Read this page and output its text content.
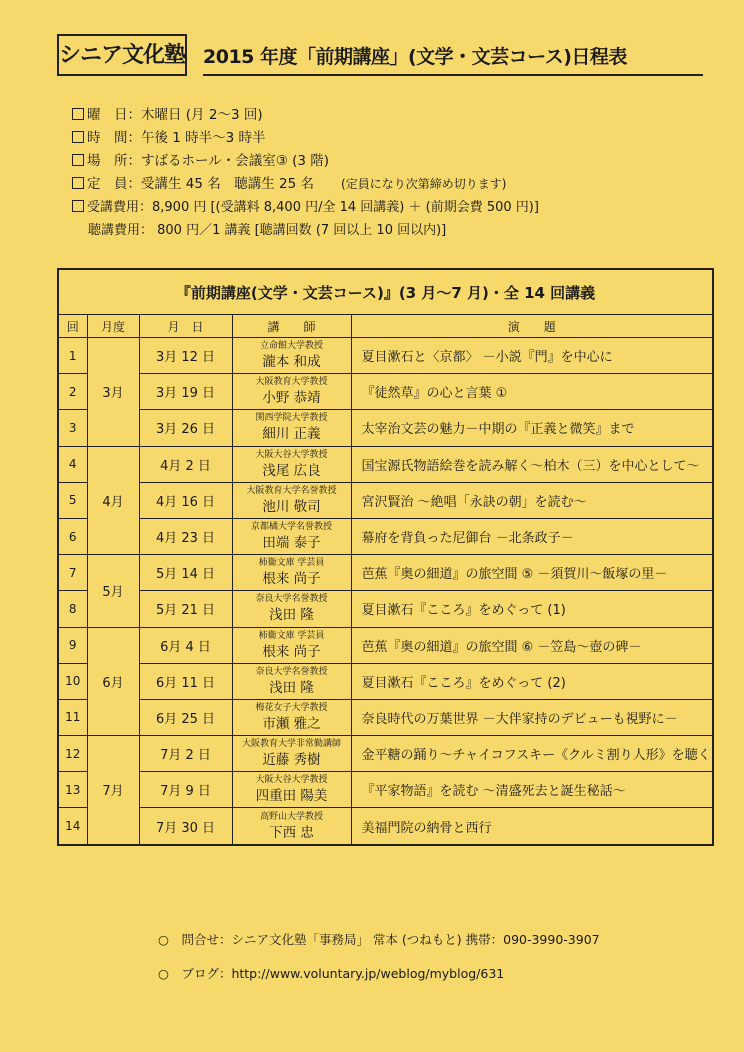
シニア文化塾 2015 年度「前期講座」(文学・文芸コース)日程表
曜　日：木曜日 (月 2～3 回)
時　間：午後 1 時半～3 時半
場　所：すばるホール・会議室③ (3 階)
定　員：受講生 45 名　聴講生 25 名　　 (定員になり次第締め切ります)
受講費用：8,900 円 [(受講料 8,400 円/全 14 回講義) ＋ (前期会費 500 円)]
聴講費用： 800 円／1 講義 [聴講回数 (7 回以上 10 回以内)]
『前期講座(文学・文芸コース)』(3 月～7 月)・全 14 回講義				
回	月度	月　日	講　　師	演　　題
1	3月	3月 12 日	立命館大学教授
瀧本 和成	夏目漱石と〈京都〉 －小説『門』を中心に
2		3月 19 日	大阪教育大学教授
小野 恭靖	『徒然草』の心と言葉 ①
3		3月 26 日	関西学院大学教授
細川 正義	太宰治文芸の魅力－中期の『正義と微笑』まで
4	4月	4月 2 日	大阪大谷大学教授
浅尾 広良	国宝源氏物語絵巻を読み解く～柏木（三）を中心として～
5		4月 16 日	大阪教育大学名誉教授
池川 敬司	宮沢賢治 ～絶唱「永訣の朝」を読む～
6		4月 23 日	京都橘大学名誉教授
田端 泰子	幕府を背負った尼御台 －北条政子－
7	5月	5月 14 日	柿衞文庫 学芸員
根来 尚子	芭蕉『奥の細道』の旅空間 ⑤ －須賀川～飯塚の里－
8		5月 21 日	奈良大学名誉教授
浅田 隆	夏目漱石『こころ』をめぐって (1)
9	6月	6月 4 日	柿衞文庫 学芸員
根来 尚子	芭蕉『奥の細道』の旅空間 ⑥ －笠島～壺の碑－
10		6月 11 日	奈良大学名誉教授
浅田 隆	夏目漱石『こころ』をめぐって (2)
11		6月 25 日	梅花女子大学教授
市瀬 雅之	奈良時代の万葉世界 －大伴家持のデビューも視野に－
12	7月	7月 2 日	大阪教育大学非常勤講師
近藤 秀樹	金平糖の踊り～チャイコフスキー《クルミ割り人形》を聴く
13		7月 9 日	大阪大谷大学教授
四重田 陽美	『平家物語』を読む ～清盛死去と誕生秘話～
14		7月 30 日	高野山大学教授
下西 忠	美福門院の納骨と西行
○　 問合せ：シニア文化塾「事務局」 常本 (つねもと) 携帯：090-3990-3907
○　 ブログ：http://www.voluntary.jp/weblog/myblog/631
